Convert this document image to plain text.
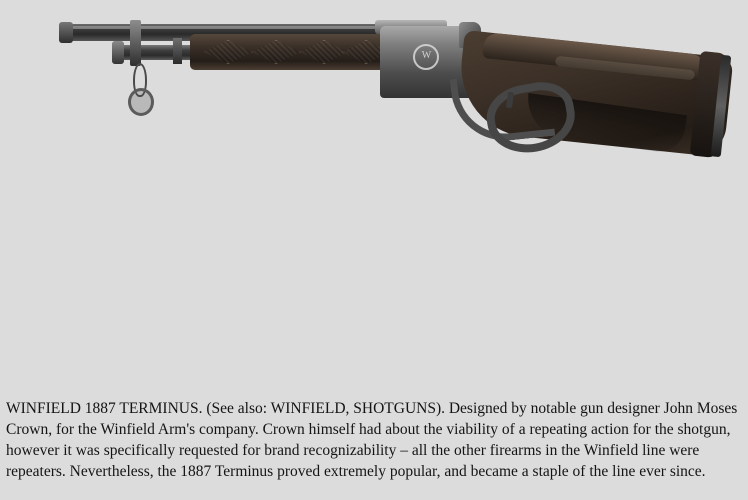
W
WINFIELD 1887 TERMINUS. (See also: WINFIELD, SHOTGUNS). Designed by notable gun designer John Moses Crown, for the Winfield Arm's company. Crown himself had about the viability of a repeating action for the shotgun, however it was specifically requested for brand recognizability – all the other firearms in the Winfield line were repeaters. Nevertheless, the 1887 Terminus proved extremely popular, and became a staple of the line ever since.
